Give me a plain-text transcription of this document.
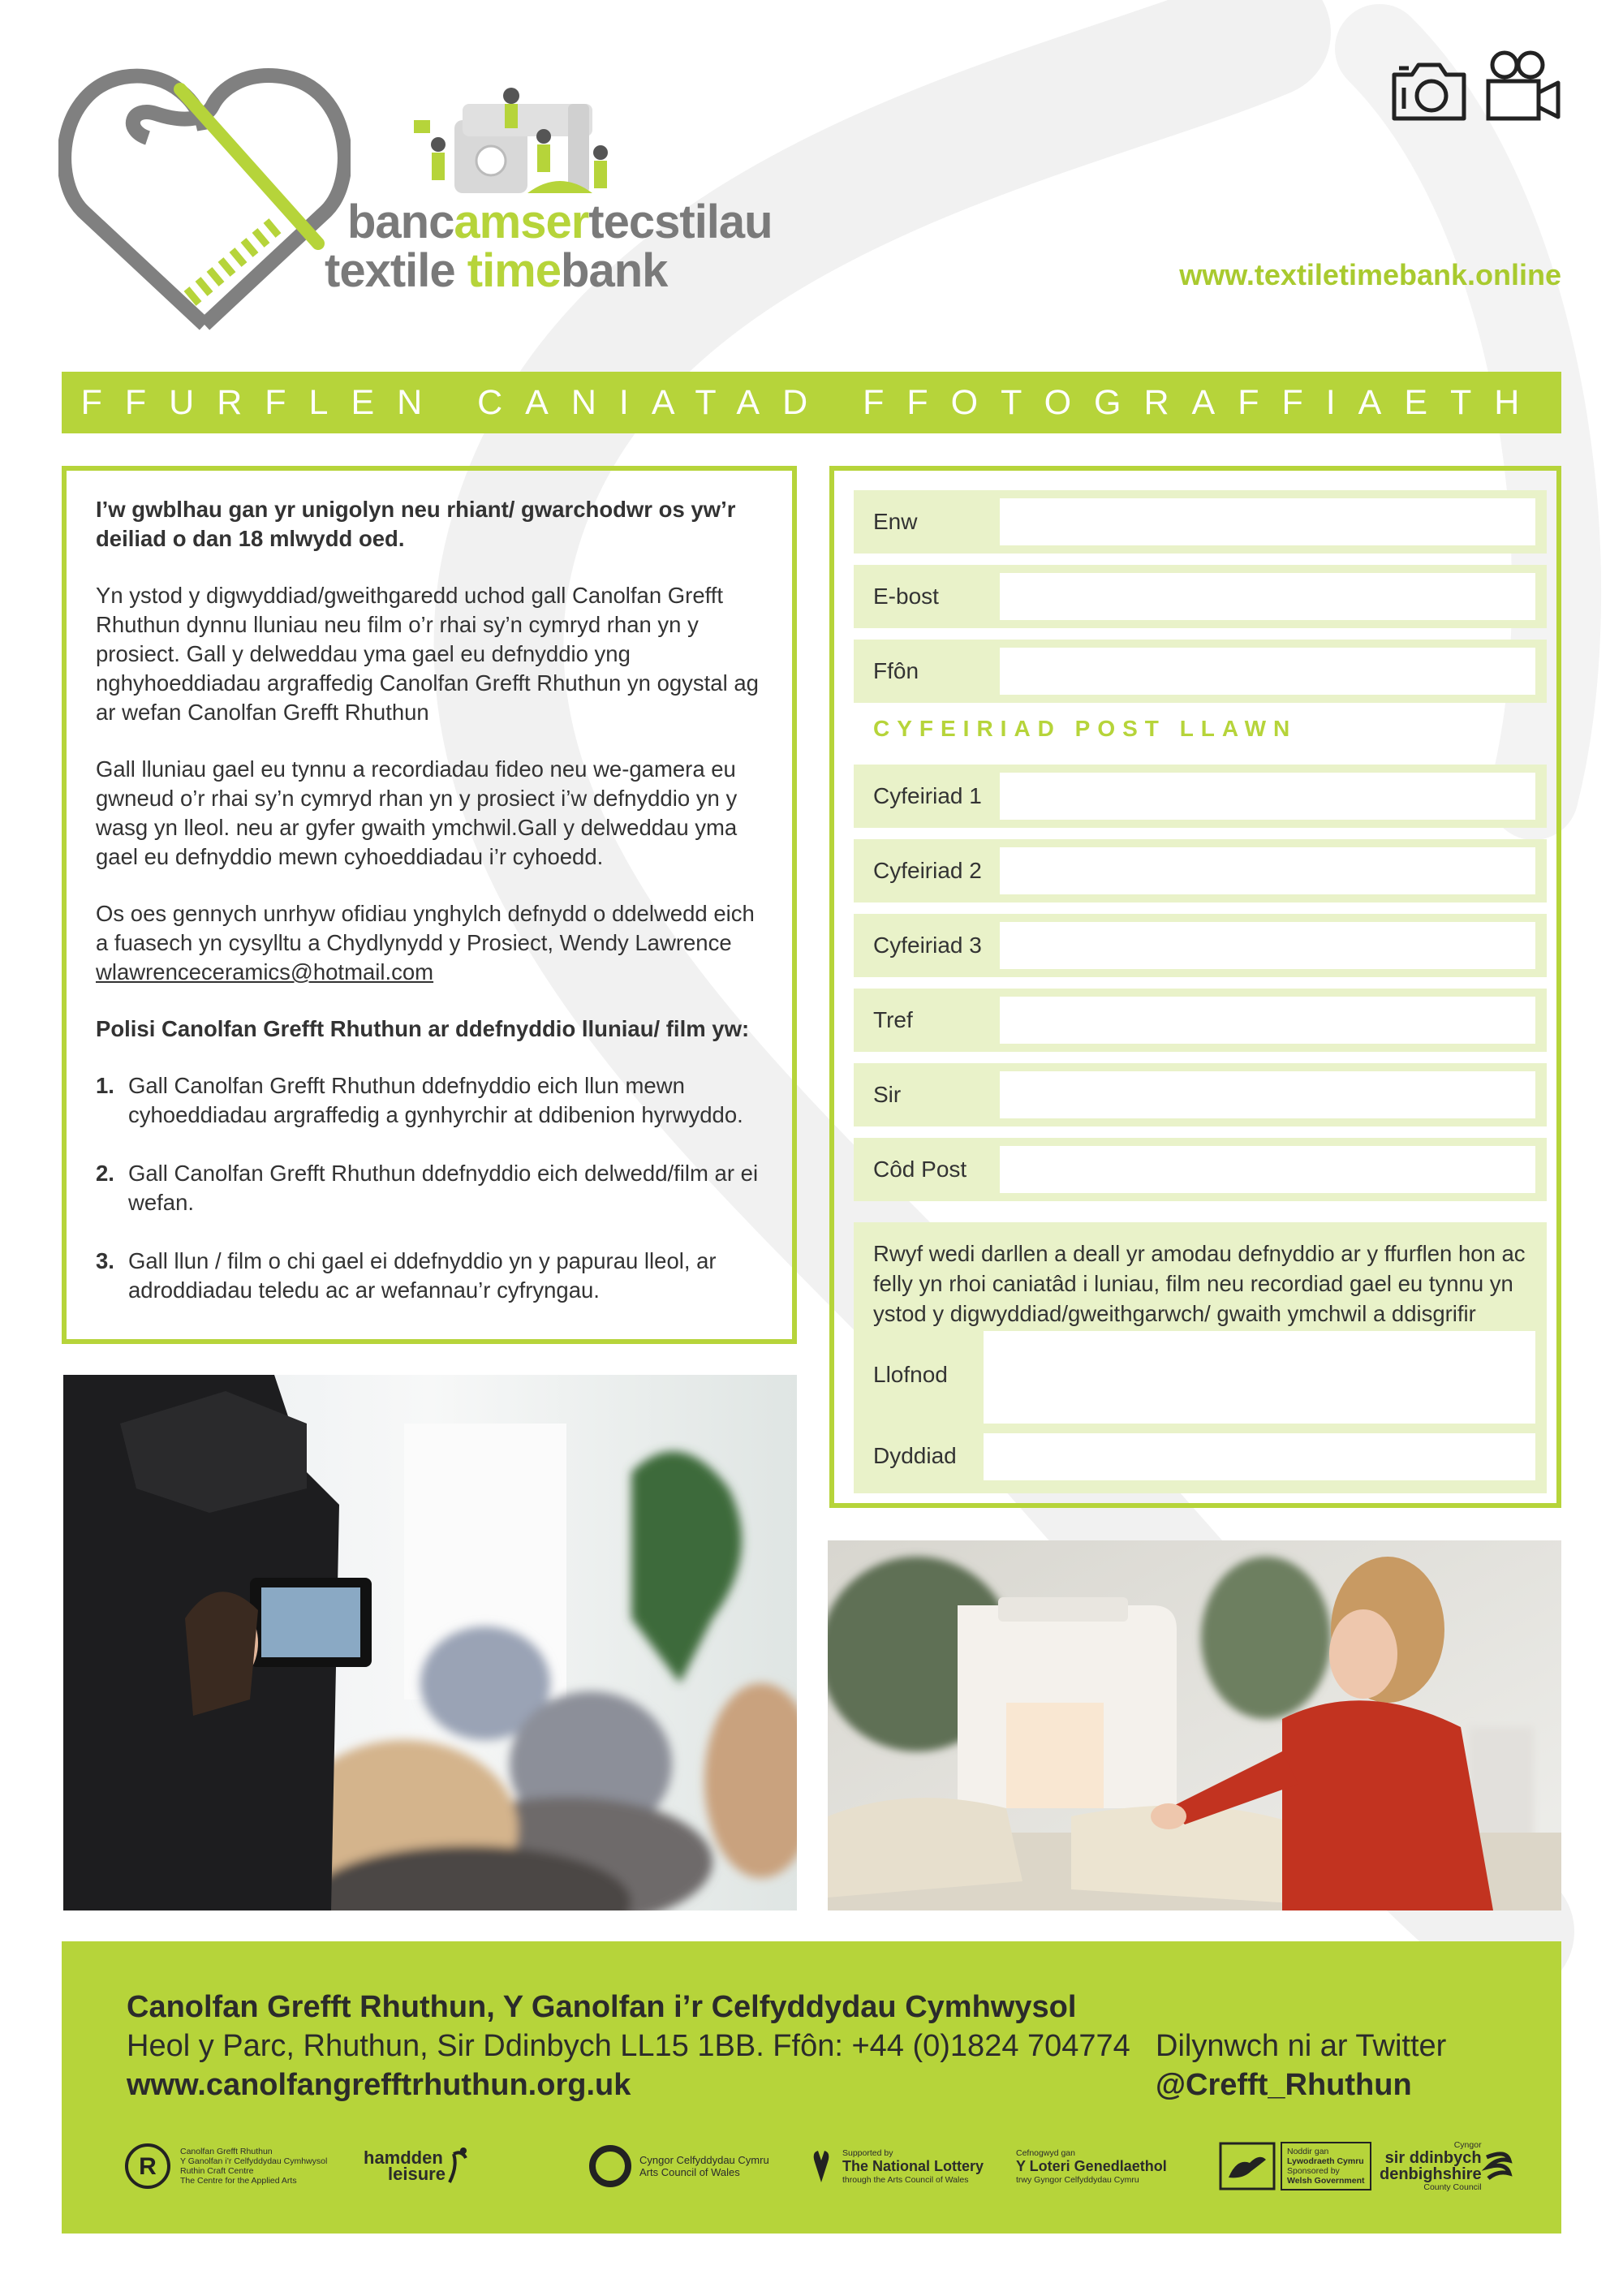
bancamsertecstilau
textile timebank	www.textiletimebank.online
FFURFLEN CANIATAD FFOTOGRAFFIAETH

I’w gwblhau gan yr unigolyn neu rhiant/ gwarchodwr os yw’r deiliad o dan 18 mlwydd oed.

Yn ystod y digwyddiad/gweithgaredd uchod gall Canolfan Grefft Rhuthun dynnu lluniau neu film o’r rhai sy’n cymryd rhan yn y prosiect. Gall y delweddau yma gael eu defnyddio yng nghyhoeddiadau argraffedig Canolfan Grefft Rhuthun yn ogystal ag ar wefan Canolfan Grefft Rhuthun

Gall lluniau gael eu tynnu a recordiadau fideo neu we-gamera eu gwneud o’r rhai sy’n cymryd rhan yn y prosiect i’w defnyddio yn y wasg yn lleol. neu ar gyfer gwaith ymchwil.Gall y delweddau yma gael eu defnyddio mewn cyhoeddiadau i’r cyhoedd.

Os oes gennych unrhyw ofidiau ynghylch defnydd o ddelwedd eich a fuasech yn cysylltu a Chydlynydd y Prosiect, Wendy Lawrence
wlawrenceceramics@hotmail.com

Polisi Canolfan Grefft Rhuthun ar ddefnyddio lluniau/ film yw:

1. Gall Canolfan Grefft Rhuthun ddefnyddio eich llun mewn cyhoeddiadau argraffedig a gynhyrchir at ddibenion hyrwyddo.
2. Gall Canolfan Grefft Rhuthun ddefnyddio eich delwedd/film ar ei wefan.
3. Gall llun / film o chi gael ei ddefnyddio yn y papurau lleol, ar adroddiadau teledu ac ar wefannau’r cyfryngau.
Enw
E-bost
Ffôn
CYFEIRIAD POST LLAWN
Cyfeiriad 1
Cyfeiriad 2
Cyfeiriad 3
Tref
Sir
Côd Post
Rwyf wedi darllen a deall yr amodau defnyddio ar y ffurflen hon ac felly yn rhoi caniatâd i luniau, film neu recordiad gael eu tynnu yn ystod y digwyddiad/gweithgarwch/ gwaith ymchwil a ddisgrifir
Llofnod
Dyddiad
Canolfan Grefft Rhuthun, Y Ganolfan i’r Celfyddydau Cymhwysol
Heol y Parc, Rhuthun, Sir Ddinbych LL15 1BB. Ffôn: +44 (0)1824 704774
www.canolfangrefftrhuthun.org.uk
Dilynwch ni ar Twitter
@Crefft_Rhuthun
R
Canolfan Grefft Rhuthun
Y Ganolfan i’r Celfyddydau Cymhwysol
Ruthin Craft Centre
The Centre for the Applied Arts
hamdden
leisure
Cyngor Celfyddydau Cymru
Arts Council of Wales
Supported by
The National Lottery
through the Arts Council of Wales
Cefnogwyd gan
Y Loteri Genedlaethol
trwy Gyngor Celfyddydau Cymru
Noddir gan
Lywodraeth Cymru
Sponsored by
Welsh Government
Cyngor
sir ddinbych
denbighshire
County Council
